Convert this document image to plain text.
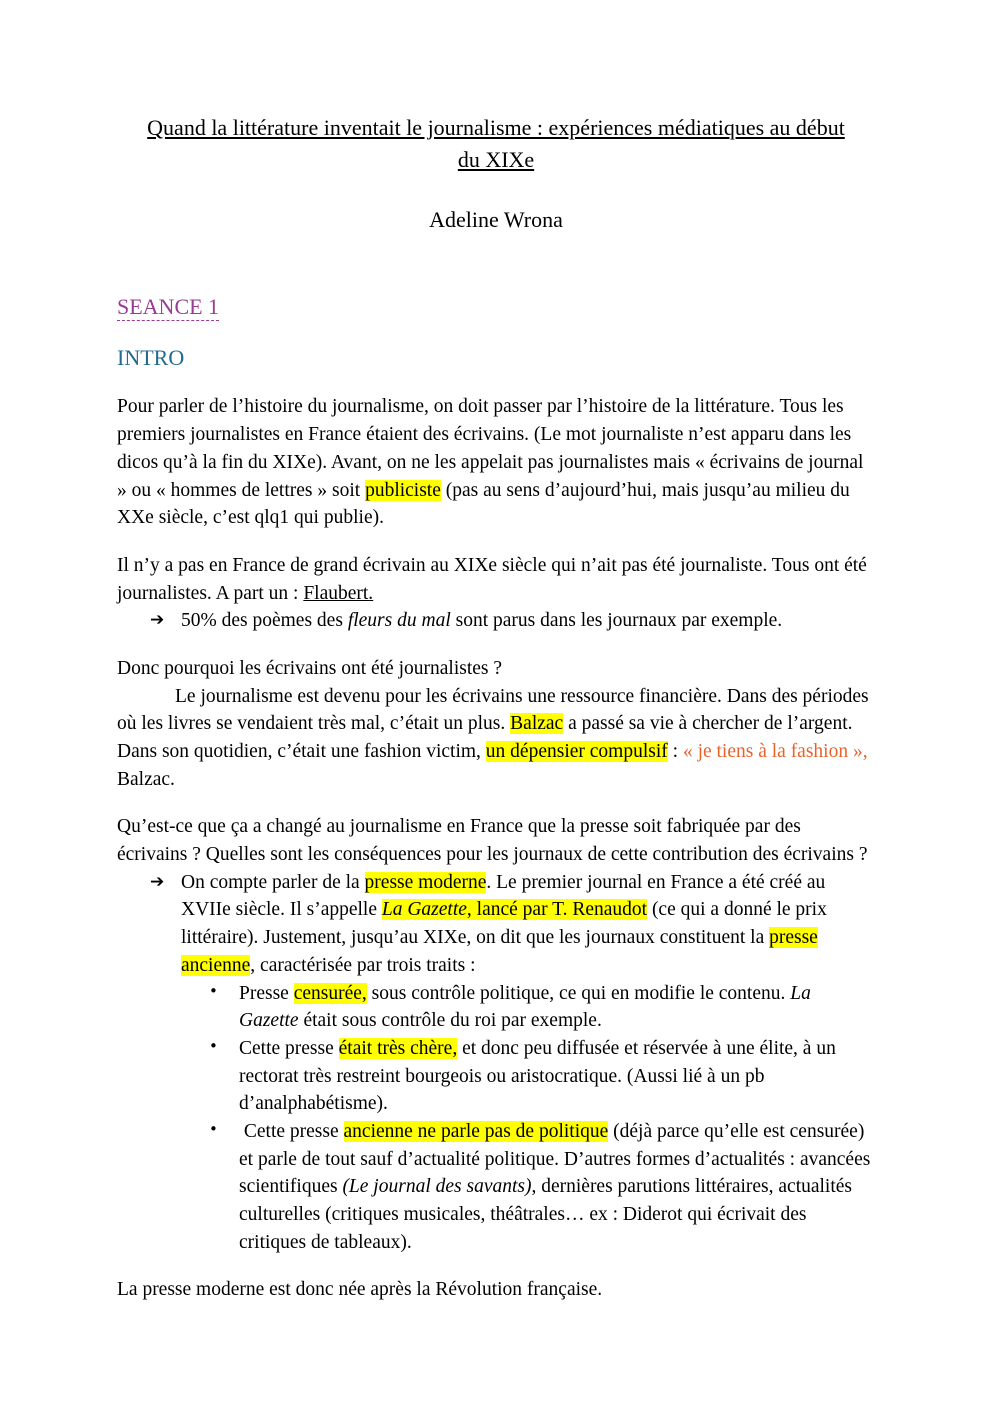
Quand la littérature inventait le journalisme : expériences médiatiques au début
du XIXe
Adeline Wrona
SEANCE 1
INTRO

Pour parler de l’histoire du journalisme, on doit passer par l’histoire de la littérature. Tous les premiers journalistes en France étaient des écrivains. (Le mot journaliste n’est apparu dans les dicos qu’à la fin du XIXe). Avant, on ne les appelait pas journalistes mais « écrivains de journal » ou « hommes de lettres » soit publiciste (pas au sens d’aujourd’hui, mais jusqu’au milieu du XXe siècle, c’est qlq1 qui publie).

Il n’y a pas en France de grand écrivain au XIXe siècle qui n’ait pas été journaliste. Tous ont été journalistes. A part un : Flaubert.

➔ 50% des poèmes des fleurs du mal sont parus dans les journaux par exemple.

Donc pourquoi les écrivains ont été journalistes ?

Le journalisme est devenu pour les écrivains une ressource financière. Dans des périodes où les livres se vendaient très mal, c’était un plus. Balzac a passé sa vie à chercher de l’argent. Dans son quotidien, c’était une fashion victim, un dépensier compulsif : « je tiens à la fashion », Balzac.

Qu’est-ce que ça a changé au journalisme en France que la presse soit fabriquée par des écrivains ? Quelles sont les conséquences pour les journaux de cette contribution des écrivains ?

➔ On compte parler de la presse moderne. Le premier journal en France a été créé au XVIIe siècle. Il s’appelle La Gazette, lancé par T. Renaudot (ce qui a donné le prix littéraire). Justement, jusqu’au XIXe, on dit que les journaux constituent la presse ancienne, caractérisée par trois traits :
• Presse censurée, sous contrôle politique, ce qui en modifie le contenu. La Gazette était sous contrôle du roi par exemple.
• Cette presse était très chère, et donc peu diffusée et réservée à une élite, à un rectorat très restreint bourgeois ou aristocratique. (Aussi lié à un pb d’analphabétisme).
• Cette presse ancienne ne parle pas de politique (déjà parce qu’elle est censurée) et parle de tout sauf d’actualité politique. D’autres formes d’actualités : avancées scientifiques (Le journal des savants), dernières parutions littéraires, actualités culturelles (critiques musicales, théâtrales… ex : Diderot qui écrivait des critiques de tableaux).

La presse moderne est donc née après la Révolution française.
